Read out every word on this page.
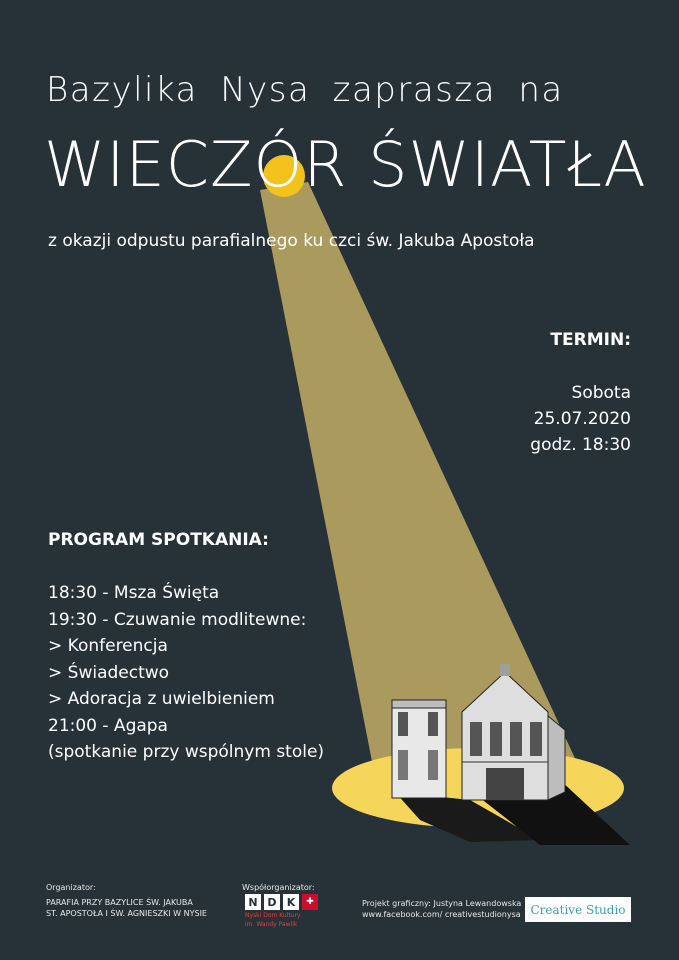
Bazylika Nysa zaprasza na
WIECZÓR ŚWIATŁA
z okazji odpustu parafialnego ku czci św. Jakuba Apostoła
TERMIN:
Sobota
25.07.2020
godz. 18:30
PROGRAM SPOTKANIA:
18:30 - Msza Święta
19:30 - Czuwanie modlitewne:
> Konferencja
> Świadectwo
> Adoracja z uwielbieniem
21:00 - Agapa
(spotkanie przy wspólnym stole)
Organizator:
PARAFIA PRZY BAZYLICE ŚW. JAKUBA
ST. APOSTOŁA I ŚW. AGNIESZKI W NYSIE
Współorganizator:
N D K	✚
Nyski Dom Kultury
im. Wandy Pawlik
Projekt graficzny: Justyna Lewandowska
www.facebook.com/ creativestudionysa Creative Studio
